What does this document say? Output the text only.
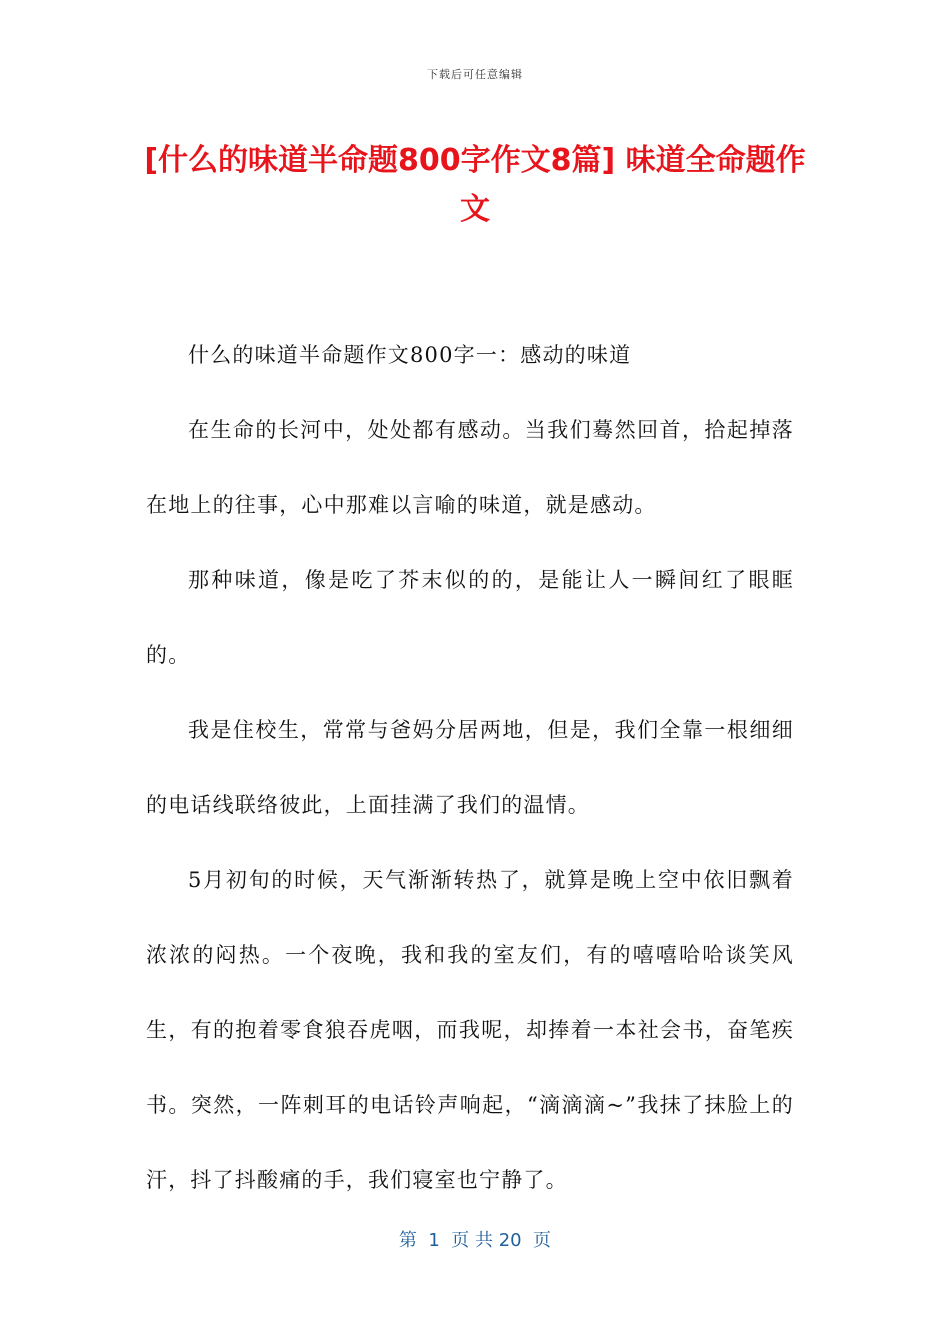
下载后可任意编辑
[什么的味道半命题800字作文8篇] 味道全命题作文

什么的味道半命题作文800字一：感动的味道

在生命的长河中，处处都有感动。当我们蓦然回首，拾起掉落在地上的往事，心中那难以言喻的味道，就是感动。

那种味道，像是吃了芥末似的的，是能让人一瞬间红了眼眶的。

我是住校生，常常与爸妈分居两地，但是，我们全靠一根细细的电话线联络彼此，上面挂满了我们的温情。

5月初旬的时候，天气渐渐转热了，就算是晚上空中依旧飘着浓浓的闷热。一个夜晚，我和我的室友们，有的嘻嘻哈哈谈笑风生，有的抱着零食狼吞虎咽，而我呢，却捧着一本社会书，奋笔疾书。突然，一阵刺耳的电话铃声响起，“滴滴滴~”我抹了抹脸上的汗，抖了抖酸痛的手，我们寝室也宁静了。

第  1  页 共 20  页
